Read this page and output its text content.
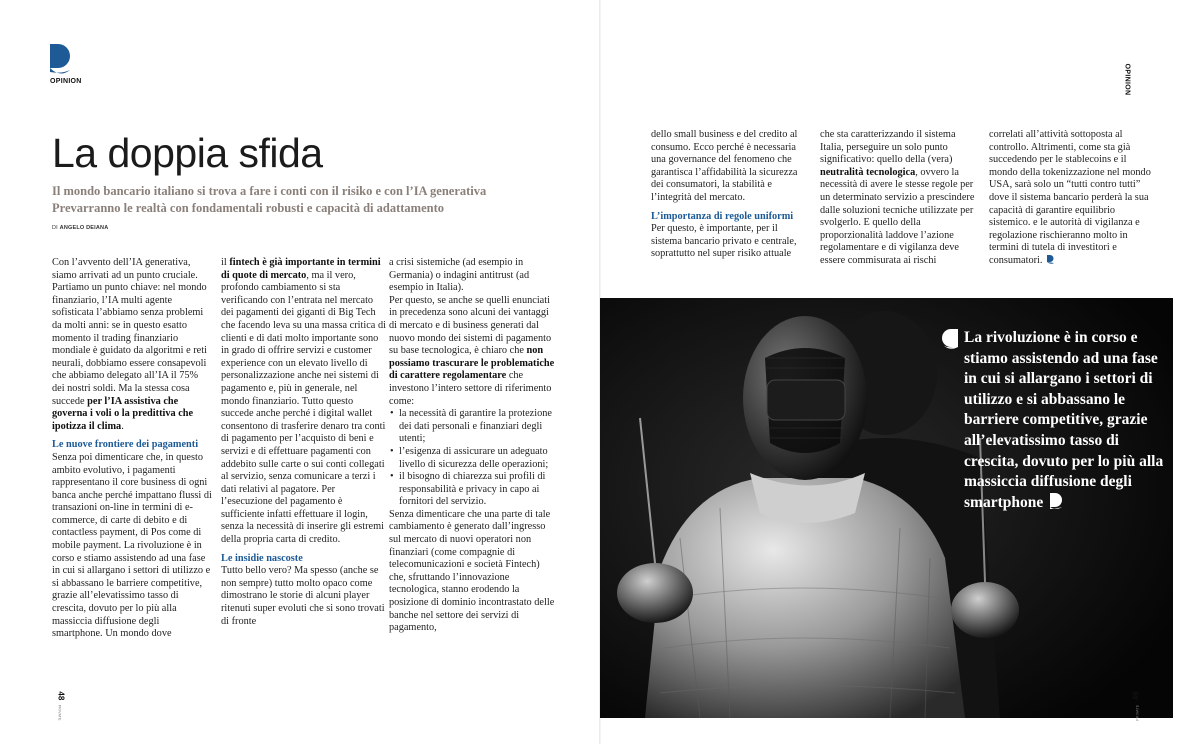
OPINION	OPINION
La doppia sfida
Il mondo bancario italiano si trova a fare i conti con il risiko e con l’IA generativa
Prevarranno le realtà con fondamentali robusti e capacità di adattamento
DI ANGELO DEIANA

Con l’avvento dell’IA generativa, siamo arrivati ad un punto cruciale. Partiamo un punto chiave: nel mondo finanziario, l’IA multi agente sofisticata l’abbiamo senza problemi da molti anni: se in questo esatto momento il trading finanziario mondiale è guidato da algoritmi e reti neurali, dobbiamo essere consapevoli che abbiamo delegato all’IA il 75% dei nostri soldi. Ma la stessa cosa succede per l’IA assistiva che governa i voli o la predittiva che ipotizza il clima.

Le nuove frontiere dei pagamenti

Senza poi dimenticare che, in questo ambito evolutivo, i pagamenti rappresentano il core business di ogni banca anche perché impattano flussi di transazioni on-line in termini di e-commerce, di carte di debito e di contactless payment, di Pos come di mobile payment. La rivoluzione è in corso e stiamo assistendo ad una fase in cui si allargano i settori di utilizzo e si abbassano le barriere competitive, grazie all’elevatissimo tasso di crescita, dovuto per lo più alla massiccia diffusione degli smartphone. Un mondo dove

il fintech è già importante in termini di quote di mercato, ma il vero, profondo cambiamento si sta verificando con l’entrata nel mercato dei pagamenti dei giganti di Big Tech che facendo leva su una massa critica di clienti e di dati molto importante sono in grado di offrire servizi e customer experience con un elevato livello di personalizzazione anche nei sistemi di pagamento e, più in generale, nel mondo finanziario. Tutto questo succede anche perché i digital wallet consentono di trasferire denaro tra conti di pagamento per l’acquisto di beni e servizi e di effettuare pagamenti con addebito sulle carte o sui conti collegati al servizio, senza comunicare a terzi i dati relativi al pagatore. Per l’esecuzione del pagamento è sufficiente infatti effettuare il login, senza la necessità di inserire gli estremi della propria carta di credito.

Le insidie nascoste

Tutto bello vero? Ma spesso (anche se non sempre) tutto molto opaco come dimostrano le storie di alcuni player ritenuti super evoluti che si sono trovati di fronte

a crisi sistemiche (ad esempio in Germania) o indagini antitrust (ad esempio in Italia).

Per questo, se anche se quelli enunciati in precedenza sono alcuni dei vantaggi di mercato e di business generati dal nuovo mondo dei sistemi di pagamento su base tecnologica, è chiaro che non possiamo trascurare le problematiche di carattere regolamentare che investono l’intero settore di riferimento come:

• la necessità di garantire la protezione dei dati personali e finanziari degli utenti;
• l’esigenza di assicurare un adeguato livello di sicurezza delle operazioni;
• il bisogno di chiarezza sui profili di responsabilità e privacy in capo ai fornitori del servizio.

Senza dimenticare che una parte di tale cambiamento è generato dall’ingresso sul mercato di nuovi operatori non finanziari (come compagnie di telecomunicazioni e società Fintech) che, sfruttando l’innovazione tecnologica, stanno erodendo la posizione di dominio incontrastato delle banche nel settore dei servizi di pagamento,

dello small business e del credito al consumo. Ecco perché è necessaria una governance del fenomeno che garantisca l’affidabilità la sicurezza dei consumatori, la stabilità e l’integrità del mercato.

L’importanza di regole uniformi

Per questo, è importante, per il sistema bancario privato e centrale, soprattutto nel super risiko attuale

che sta caratterizzando il sistema Italia, perseguire un solo punto significativo: quello della (vera) neutralità tecnologica, ovvero la necessità di avere le stesse regole per un determinato servizio a prescindere dalle soluzioni tecniche utilizzate per svolgerlo. E quello della proporzionalità laddove l’azione regolamentare e di vigilanza deve essere commisurata ai rischi

correlati all’attività sottoposta al controllo. Altrimenti, come sta già succedendo per le stablecoins e il mondo della tokenizzazione nel mondo USA, sarà solo un “tutti contro tutti” dove il sistema bancario perderà la sua capacità di garantire equilibrio sistemico. e le autorità di vigilanza e regolazione rischieranno molto in termini di tutela di investitori e consumatori.

La rivoluzione è in corso e stiamo assistendo ad una fase in cui si allargano i settori di utilizzo e si abbassano le barriere competitive, grazie all’elevatissimo tasso di crescita, dovuto per lo più alla massiccia diffusione degli smartphone
48 PRIVATE	PRIVATE 49
